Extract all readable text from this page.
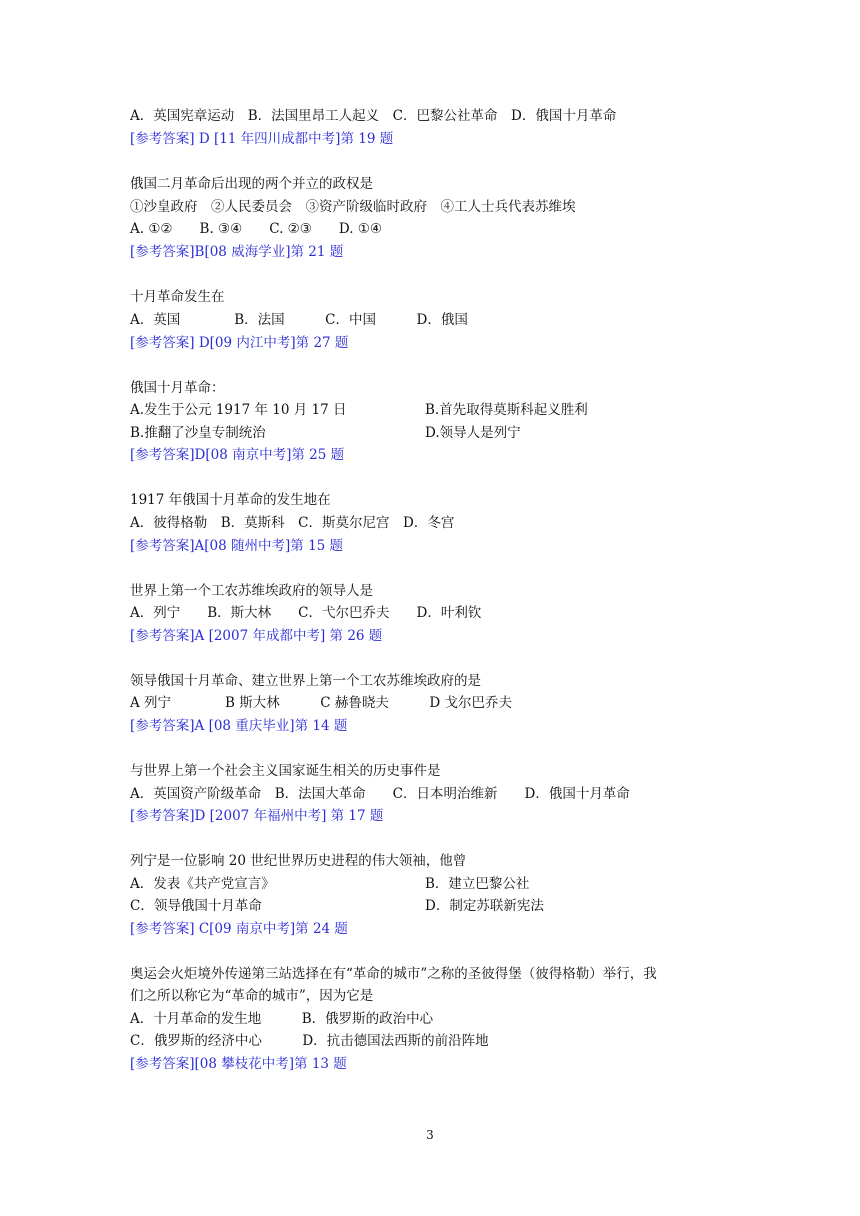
A．英国宪章运动　B．法国里昂工人起义　C．巴黎公社革命　D．俄国十月革命
[参考答案] D [11 年四川成都中考]第 19 题
俄国二月革命后出现的两个并立的政权是
①沙皇政府　②人民委员会　③资产阶级临时政府　④工人士兵代表苏维埃
A. ①②　　B. ③④　　C. ②③　　D. ①④
[参考答案]B[08 威海学业]第 21 题
十月革命发生在
A．英国　　　　B．法国　　　C．中国　　　D．俄国
[参考答案] D[09 内江中考]第 27 题
俄国十月革命：
A.发生于公元 1917 年 10 月 17 日	B.首先取得莫斯科起义胜利
B.推翻了沙皇专制统治	D.领导人是列宁
[参考答案]D[08 南京中考]第 25 题
1917 年俄国十月革命的发生地在
A．彼得格勒　B．莫斯科　C．斯莫尔尼宫　D．冬宫
[参考答案]A[08 随州中考]第 15 题
世界上第一个工农苏维埃政府的领导人是
A．列宁　　B．斯大林　　C．弋尔巴乔夫　　D．叶利钦
[参考答案]A [2007 年成都中考] 第 26 题
领导俄国十月革命、建立世界上第一个工农苏维埃政府的是
A 列宁　　　　B 斯大林　　　C 赫鲁晓夫　　　D 戈尔巴乔夫
[参考答案]A [08 重庆毕业]第 14 题
与世界上第一个社会主义国家诞生相关的历史事件是
A．英国资产阶级革命　B．法国大革命　　C．日本明治维新　　D．俄国十月革命
[参考答案]D [2007 年福州中考] 第 17 题
列宁是一位影响 20 世纪世界历史进程的伟大领袖，他曾
A．发表《共产党宣言》	B．建立巴黎公社
C．领导俄国十月革命	D．制定苏联新宪法
[参考答案] C[09 南京中考]第 24 题
奥运会火炬境外传递第三站选择在有“革命的城市”之称的圣彼得堡（彼得格勒）举行，我
们之所以称它为“革命的城市”，因为它是
A．十月革命的发生地　　　B．俄罗斯的政治中心
C．俄罗斯的经济中心　　　D．抗击德国法西斯的前沿阵地
[参考答案][08 攀枝花中考]第 13 题
3
